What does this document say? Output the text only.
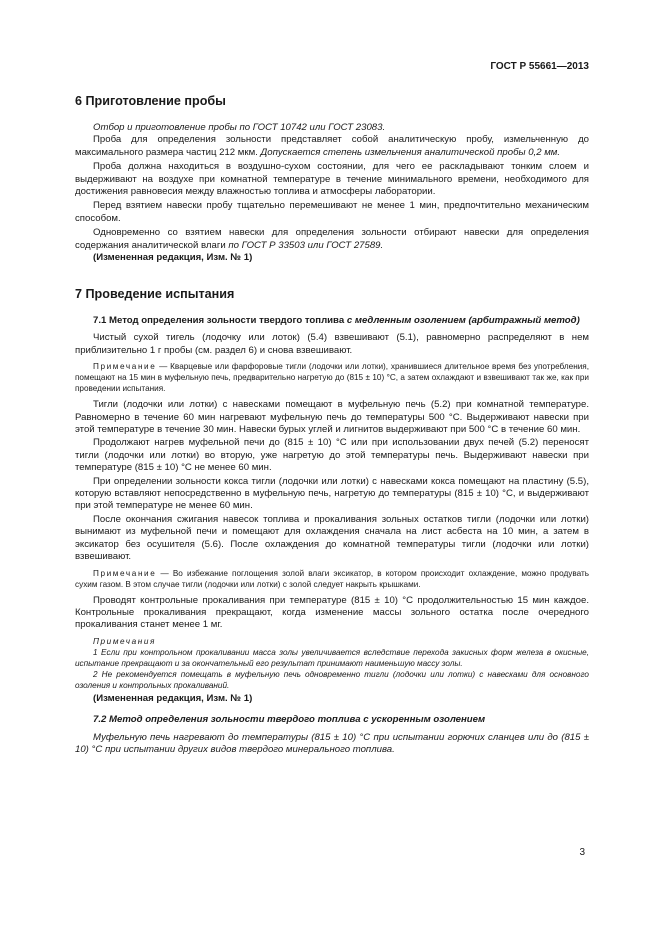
ГОСТ Р 55661—2013
6 Приготовление пробы

Отбор и приготовление пробы по ГОСТ 10742 или ГОСТ 23083.

Проба для определения зольности представляет собой аналитическую пробу, измельченную до максимального размера частиц 212 мкм. Допускается степень измельчения аналитической пробы 0,2 мм.

Проба должна находиться в воздушно-сухом состоянии, для чего ее раскладывают тонким слоем и выдерживают на воздухе при комнатной температуре в течение минимального времени, необходимого для достижения равновесия между влажностью топлива и атмосферы лаборатории.

Перед взятием навески пробу тщательно перемешивают не менее 1 мин, предпочтительно механическим способом.

Одновременно со взятием навески для определения зольности отбирают навески для определения содержания аналитической влаги по ГОСТ Р 33503 или ГОСТ 27589.

(Измененная редакция, Изм. № 1)

7 Проведение испытания

7.1 Метод определения зольности твердого топлива с медленным озолением (арбитражный метод)

Чистый сухой тигель (лодочку или лоток) (5.4) взвешивают (5.1), равномерно распределяют в нем приблизительно 1 г пробы (см. раздел 6) и снова взвешивают.

Примечание — Кварцевые или фарфоровые тигли (лодочки или лотки), хранившиеся длительное время без употребления, помещают на 15 мин в муфельную печь, предварительно нагретую до (815 ± 10) °С, а затем охлаждают и взвешивают так же, как при проведении испытания.

Тигли (лодочки или лотки) с навесками помещают в муфельную печь (5.2) при комнатной температуре. Равномерно в течение 60 мин нагревают муфельную печь до температуры 500 °С. Выдерживают навески при этой температуре в течение 30 мин. Навески бурых углей и лигнитов выдерживают при 500 °С в течение 60 мин.

Продолжают нагрев муфельной печи до (815 ± 10) °С или при использовании двух печей (5.2) переносят тигли (лодочки или лотки) во вторую, уже нагретую до этой температуры печь. Выдерживают навески при температуре (815 ± 10) °С не менее 60 мин.

При определении зольности кокса тигли (лодочки или лотки) с навесками кокса помещают на пластину (5.5), которую вставляют непосредственно в муфельную печь, нагретую до температуры (815 ± 10) °С, и выдерживают при этой температуре не менее 60 мин.

После окончания сжигания навесок топлива и прокаливания зольных остатков тигли (лодочки или лотки) вынимают из муфельной печи и помещают для охлаждения сначала на лист асбеста на 10 мин, а затем в эксикатор без осушителя (5.6). После охлаждения до комнатной температуры тигли (лодочки или лотки) взвешивают.

Примечание — Во избежание поглощения золой влаги эксикатор, в котором происходит охлаждение, можно продувать сухим газом. В этом случае тигли (лодочки или лотки) с золой следует накрыть крышками.

Проводят контрольные прокаливания при температуре (815 ± 10) °С продолжительностью 15 мин каждое. Контрольные прокаливания прекращают, когда изменение массы зольного остатка после очередного прокаливания станет менее 1 мг.

Примечания

1 Если при контрольном прокаливании масса золы увеличивается вследствие перехода закисных форм железа в окисные, испытание прекращают и за окончательный его результат принимают наименьшую массу золы.

2 Не рекомендуется помещать в муфельную печь одновременно тигли (лодочки или лотки) с навесками для основного озоления и контрольных прокаливаний.

(Измененная редакция, Изм. № 1)

7.2 Метод определения зольности твердого топлива с ускоренным озолением

Муфельную печь нагревают до температуры (815 ± 10) °С при испытании горючих сланцев или до (815 ± 10) °С при испытании других видов твердого минерального топлива.

3
